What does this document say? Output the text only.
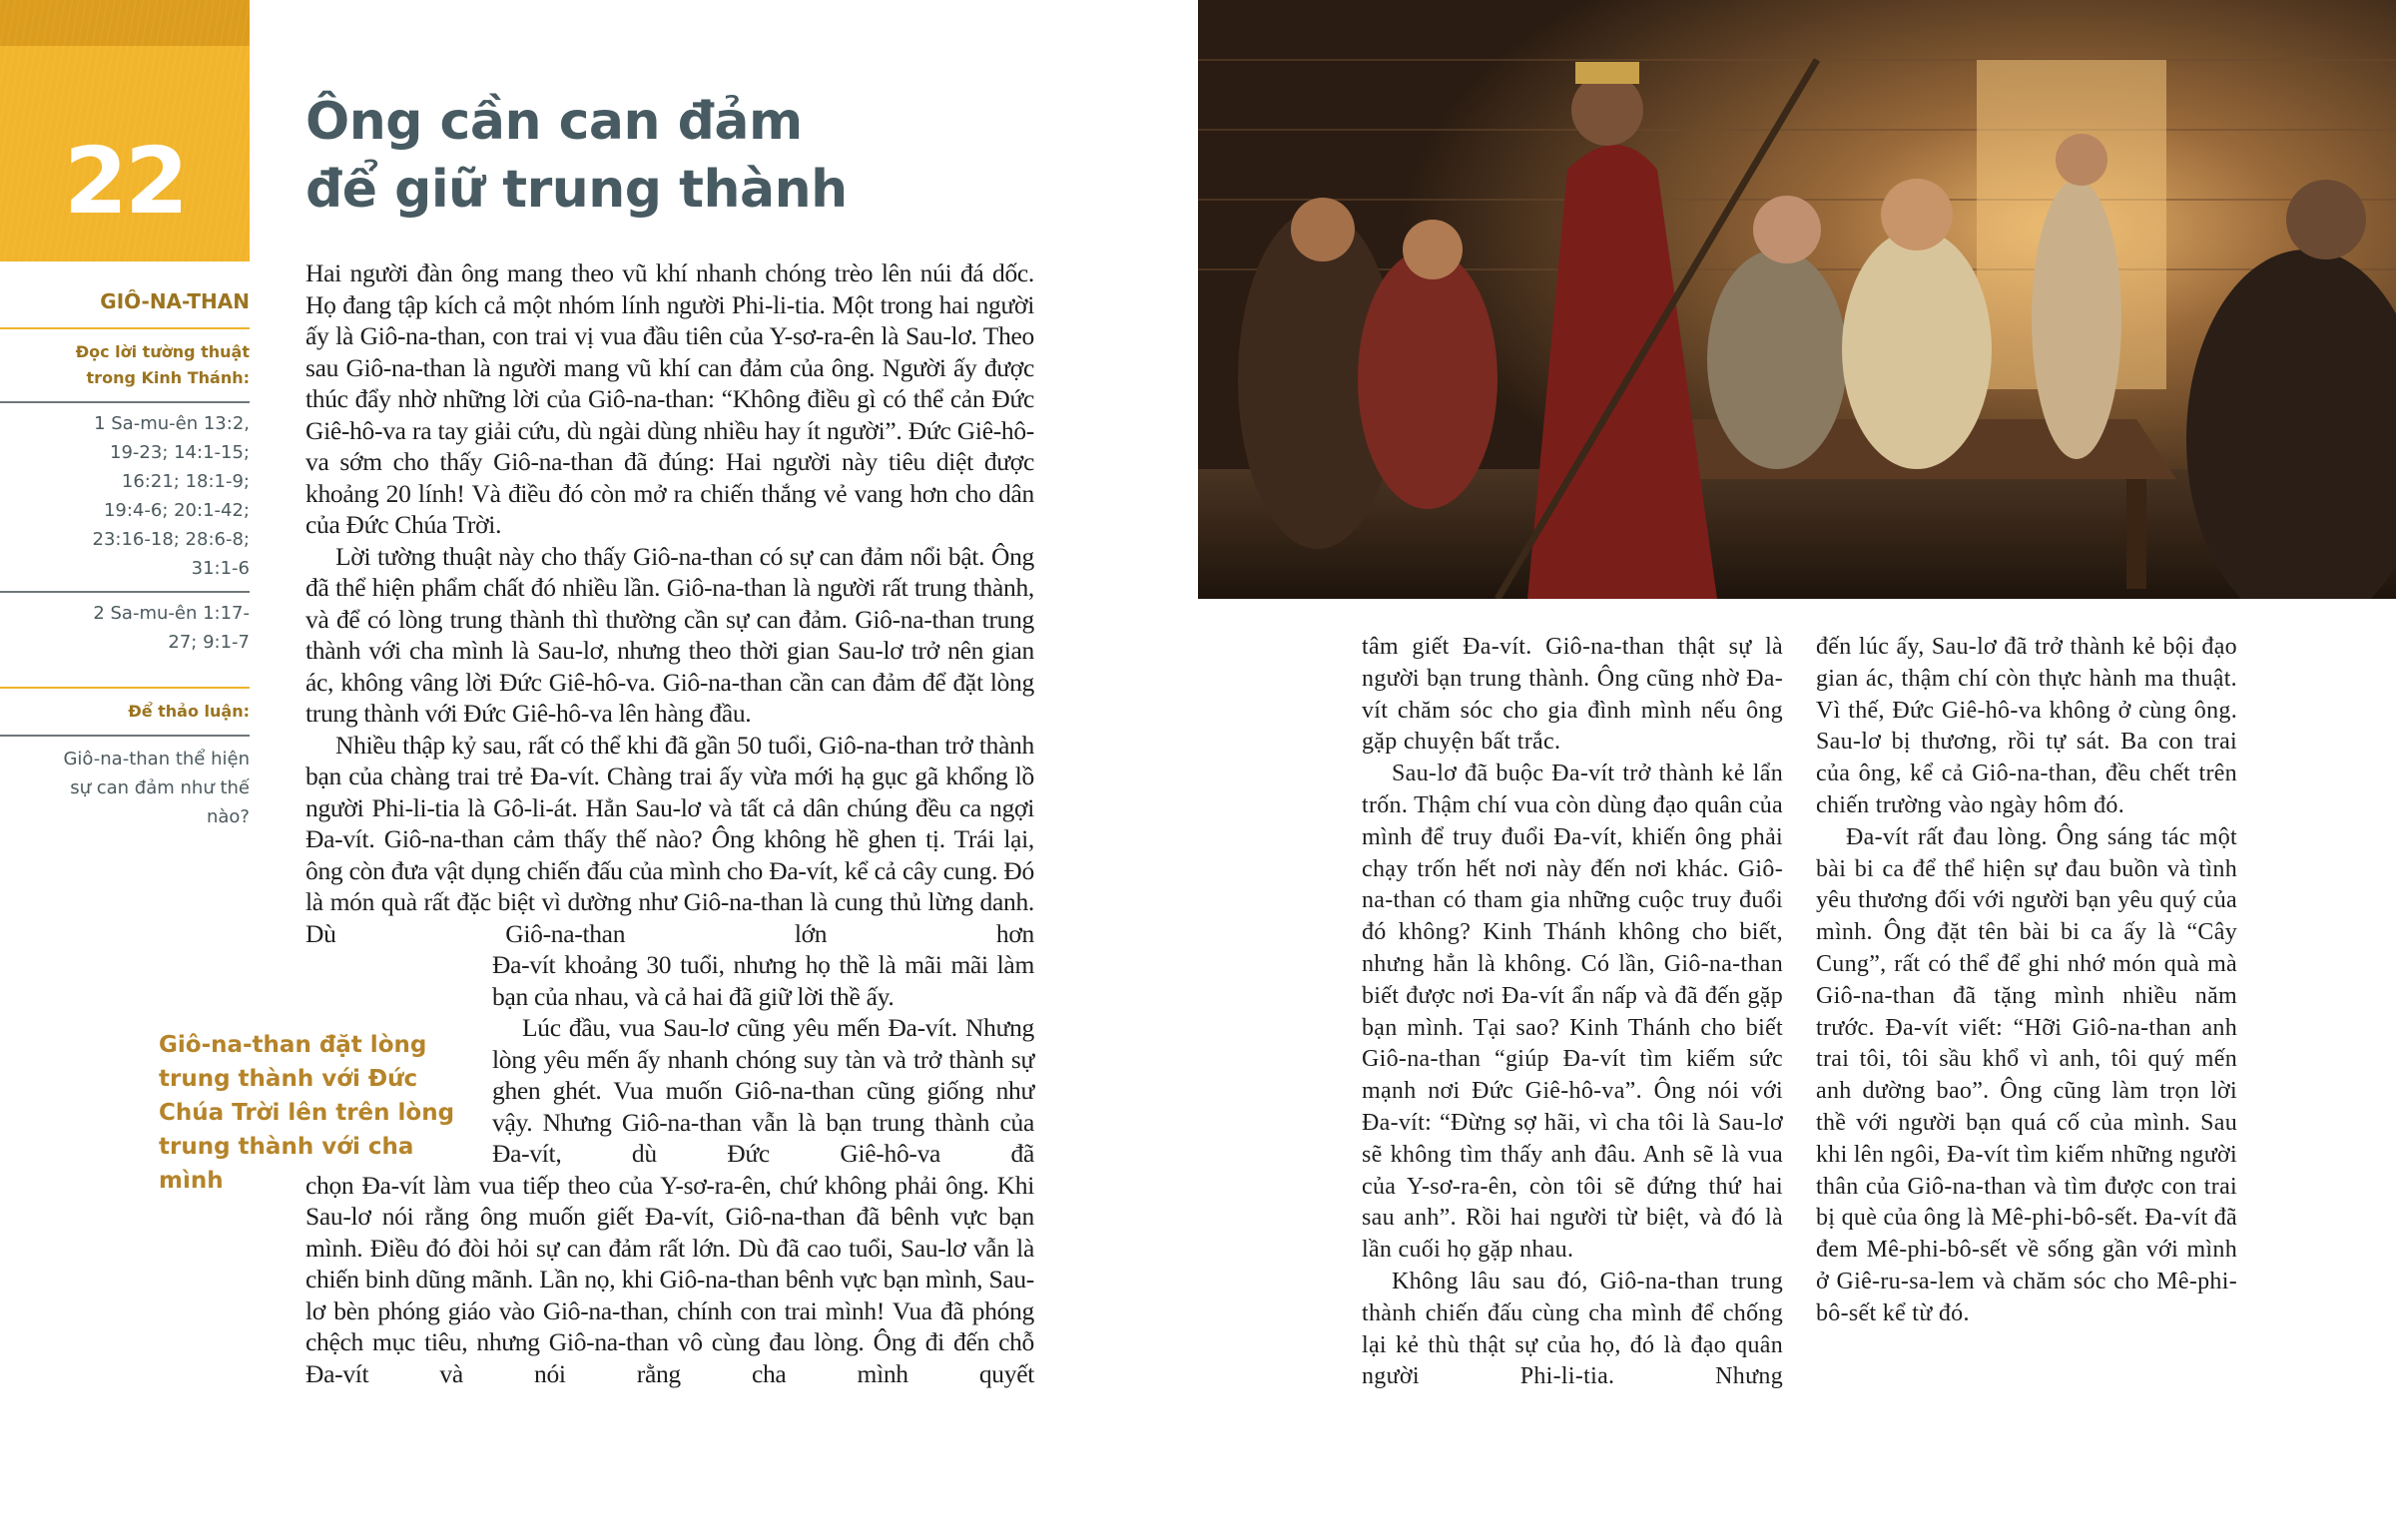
22
Ông cần can đảm
để giữ trung thành
GIÔ-NA-THAN
Đọc lời tường thuật trong Kinh Thánh:
1 Sa-mu-ên 13:2, 19-23; 14:1-15; 16:21; 18:1-9; 19:4-6; 20:1-42; 23:16-18; 28:6-8; 31:1-6
2 Sa-mu-ên 1:17-27; 9:1-7
Để thảo luận:
Giô-na-than thể hiện sự can đảm như thế nào?
Giô-na-than đặt lòng trung thành với Đức Chúa Trời lên trên lòng trung thành với cha mình

Hai người đàn ông mang theo vũ khí nhanh chóng trèo lên núi đá dốc. Họ đang tập kích cả một nhóm lính người Phi-li-tia. Một trong hai người ấy là Giô-na-than, con trai vị vua đầu tiên của Y-sơ-ra-ên là Sau-lơ. Theo sau Giô-na-than là người mang vũ khí can đảm của ông. Người ấy được thúc đẩy nhờ những lời của Giô-na-than: “Không điều gì có thể cản Đức Giê-hô-va ra tay giải cứu, dù ngài dùng nhiều hay ít người”. Đức Giê-hô-va sớm cho thấy Giô-na-than đã đúng: Hai người này tiêu diệt được khoảng 20 lính! Và điều đó còn mở ra chiến thắng vẻ vang hơn cho dân của Đức Chúa Trời.

Lời tường thuật này cho thấy Giô-na-than có sự can đảm nổi bật. Ông đã thể hiện phẩm chất đó nhiều lần. Giô-na-than là người rất trung thành, và để có lòng trung thành thì thường cần sự can đảm. Giô-na-than trung thành với cha mình là Sau-lơ, nhưng theo thời gian Sau-lơ trở nên gian ác, không vâng lời Đức Giê-hô-va. Giô-na-than cần can đảm để đặt lòng trung thành với Đức Giê-hô-va lên hàng đầu.

Nhiều thập kỷ sau, rất có thể khi đã gần 50 tuổi, Giô-na-than trở thành bạn của chàng trai trẻ Đa-vít. Chàng trai ấy vừa mới hạ gục gã khổng lồ người Phi-li-tia là Gô-li-át. Hẳn Sau-lơ và tất cả dân chúng đều ca ngợi Đa-vít. Giô-na-than cảm thấy thế nào? Ông không hề ghen tị. Trái lại, ông còn đưa vật dụng chiến đấu của mình cho Đa-vít, kể cả cây cung. Đó là món quà rất đặc biệt vì dường như Giô-na-than là cung thủ lừng danh. Dù Giô-na-than lớn hơn

Đa-vít khoảng 30 tuổi, nhưng họ thề là mãi mãi làm bạn của nhau, và cả hai đã giữ lời thề ấy.

Lúc đầu, vua Sau-lơ cũng yêu mến Đa-vít. Nhưng lòng yêu mến ấy nhanh chóng suy tàn và trở thành sự ghen ghét. Vua muốn Giô-na-than cũng giống như vậy. Nhưng Giô-na-than vẫn là bạn trung thành của Đa-vít, dù Đức Giê-hô-va đã

chọn Đa-vít làm vua tiếp theo của Y-sơ-ra-ên, chứ không phải ông. Khi Sau-lơ nói rằng ông muốn giết Đa-vít, Giô-na-than đã bênh vực bạn mình. Điều đó đòi hỏi sự can đảm rất lớn. Dù đã cao tuổi, Sau-lơ vẫn là chiến binh dũng mãnh. Lần nọ, khi Giô-na-than bênh vực bạn mình, Sau-lơ bèn phóng giáo vào Giô-na-than, chính con trai mình! Vua đã phóng chệch mục tiêu, nhưng Giô-na-than vô cùng đau lòng. Ông đi đến chỗ Đa-vít và nói rằng cha mình quyết

tâm giết Đa-vít. Giô-na-than thật sự là người bạn trung thành. Ông cũng nhờ Đa-vít chăm sóc cho gia đình mình nếu ông gặp chuyện bất trắc.

Sau-lơ đã buộc Đa-vít trở thành kẻ lẩn trốn. Thậm chí vua còn dùng đạo quân của mình để truy đuổi Đa-vít, khiến ông phải chạy trốn hết nơi này đến nơi khác. Giô-na-than có tham gia những cuộc truy đuổi đó không? Kinh Thánh không cho biết, nhưng hẳn là không. Có lần, Giô-na-than biết được nơi Đa-vít ẩn nấp và đã đến gặp bạn mình. Tại sao? Kinh Thánh cho biết Giô-na-than “giúp Đa-vít tìm kiếm sức mạnh nơi Đức Giê-hô-va”. Ông nói với Đa-vít: “Đừng sợ hãi, vì cha tôi là Sau-lơ sẽ không tìm thấy anh đâu. Anh sẽ là vua của Y-sơ-ra-ên, còn tôi sẽ đứng thứ hai sau anh”. Rồi hai người từ biệt, và đó là lần cuối họ gặp nhau.

Không lâu sau đó, Giô-na-than trung thành chiến đấu cùng cha mình để chống lại kẻ thù thật sự của họ, đó là đạo quân người Phi-li-tia. Nhưng

đến lúc ấy, Sau-lơ đã trở thành kẻ bội đạo gian ác, thậm chí còn thực hành ma thuật. Vì thế, Đức Giê-hô-va không ở cùng ông. Sau-lơ bị thương, rồi tự sát. Ba con trai của ông, kể cả Giô-na-than, đều chết trên chiến trường vào ngày hôm đó.

Đa-vít rất đau lòng. Ông sáng tác một bài bi ca để thể hiện sự đau buồn và tình yêu thương đối với người bạn yêu quý của mình. Ông đặt tên bài bi ca ấy là “Cây Cung”, rất có thể để ghi nhớ món quà mà Giô-na-than đã tặng mình nhiều năm trước. Đa-vít viết: “Hỡi Giô-na-than anh trai tôi, tôi sầu khổ vì anh, tôi quý mến anh dường bao”. Ông cũng làm trọn lời thề với người bạn quá cố của mình. Sau khi lên ngôi, Đa-vít tìm kiếm những người thân của Giô-na-than và tìm được con trai bị què của ông là Mê-phi-bô-sết. Đa-vít đã đem Mê-phi-bô-sết về sống gần với mình ở Giê-ru-sa-lem và chăm sóc cho Mê-phi-bô-sết kể từ đó.
